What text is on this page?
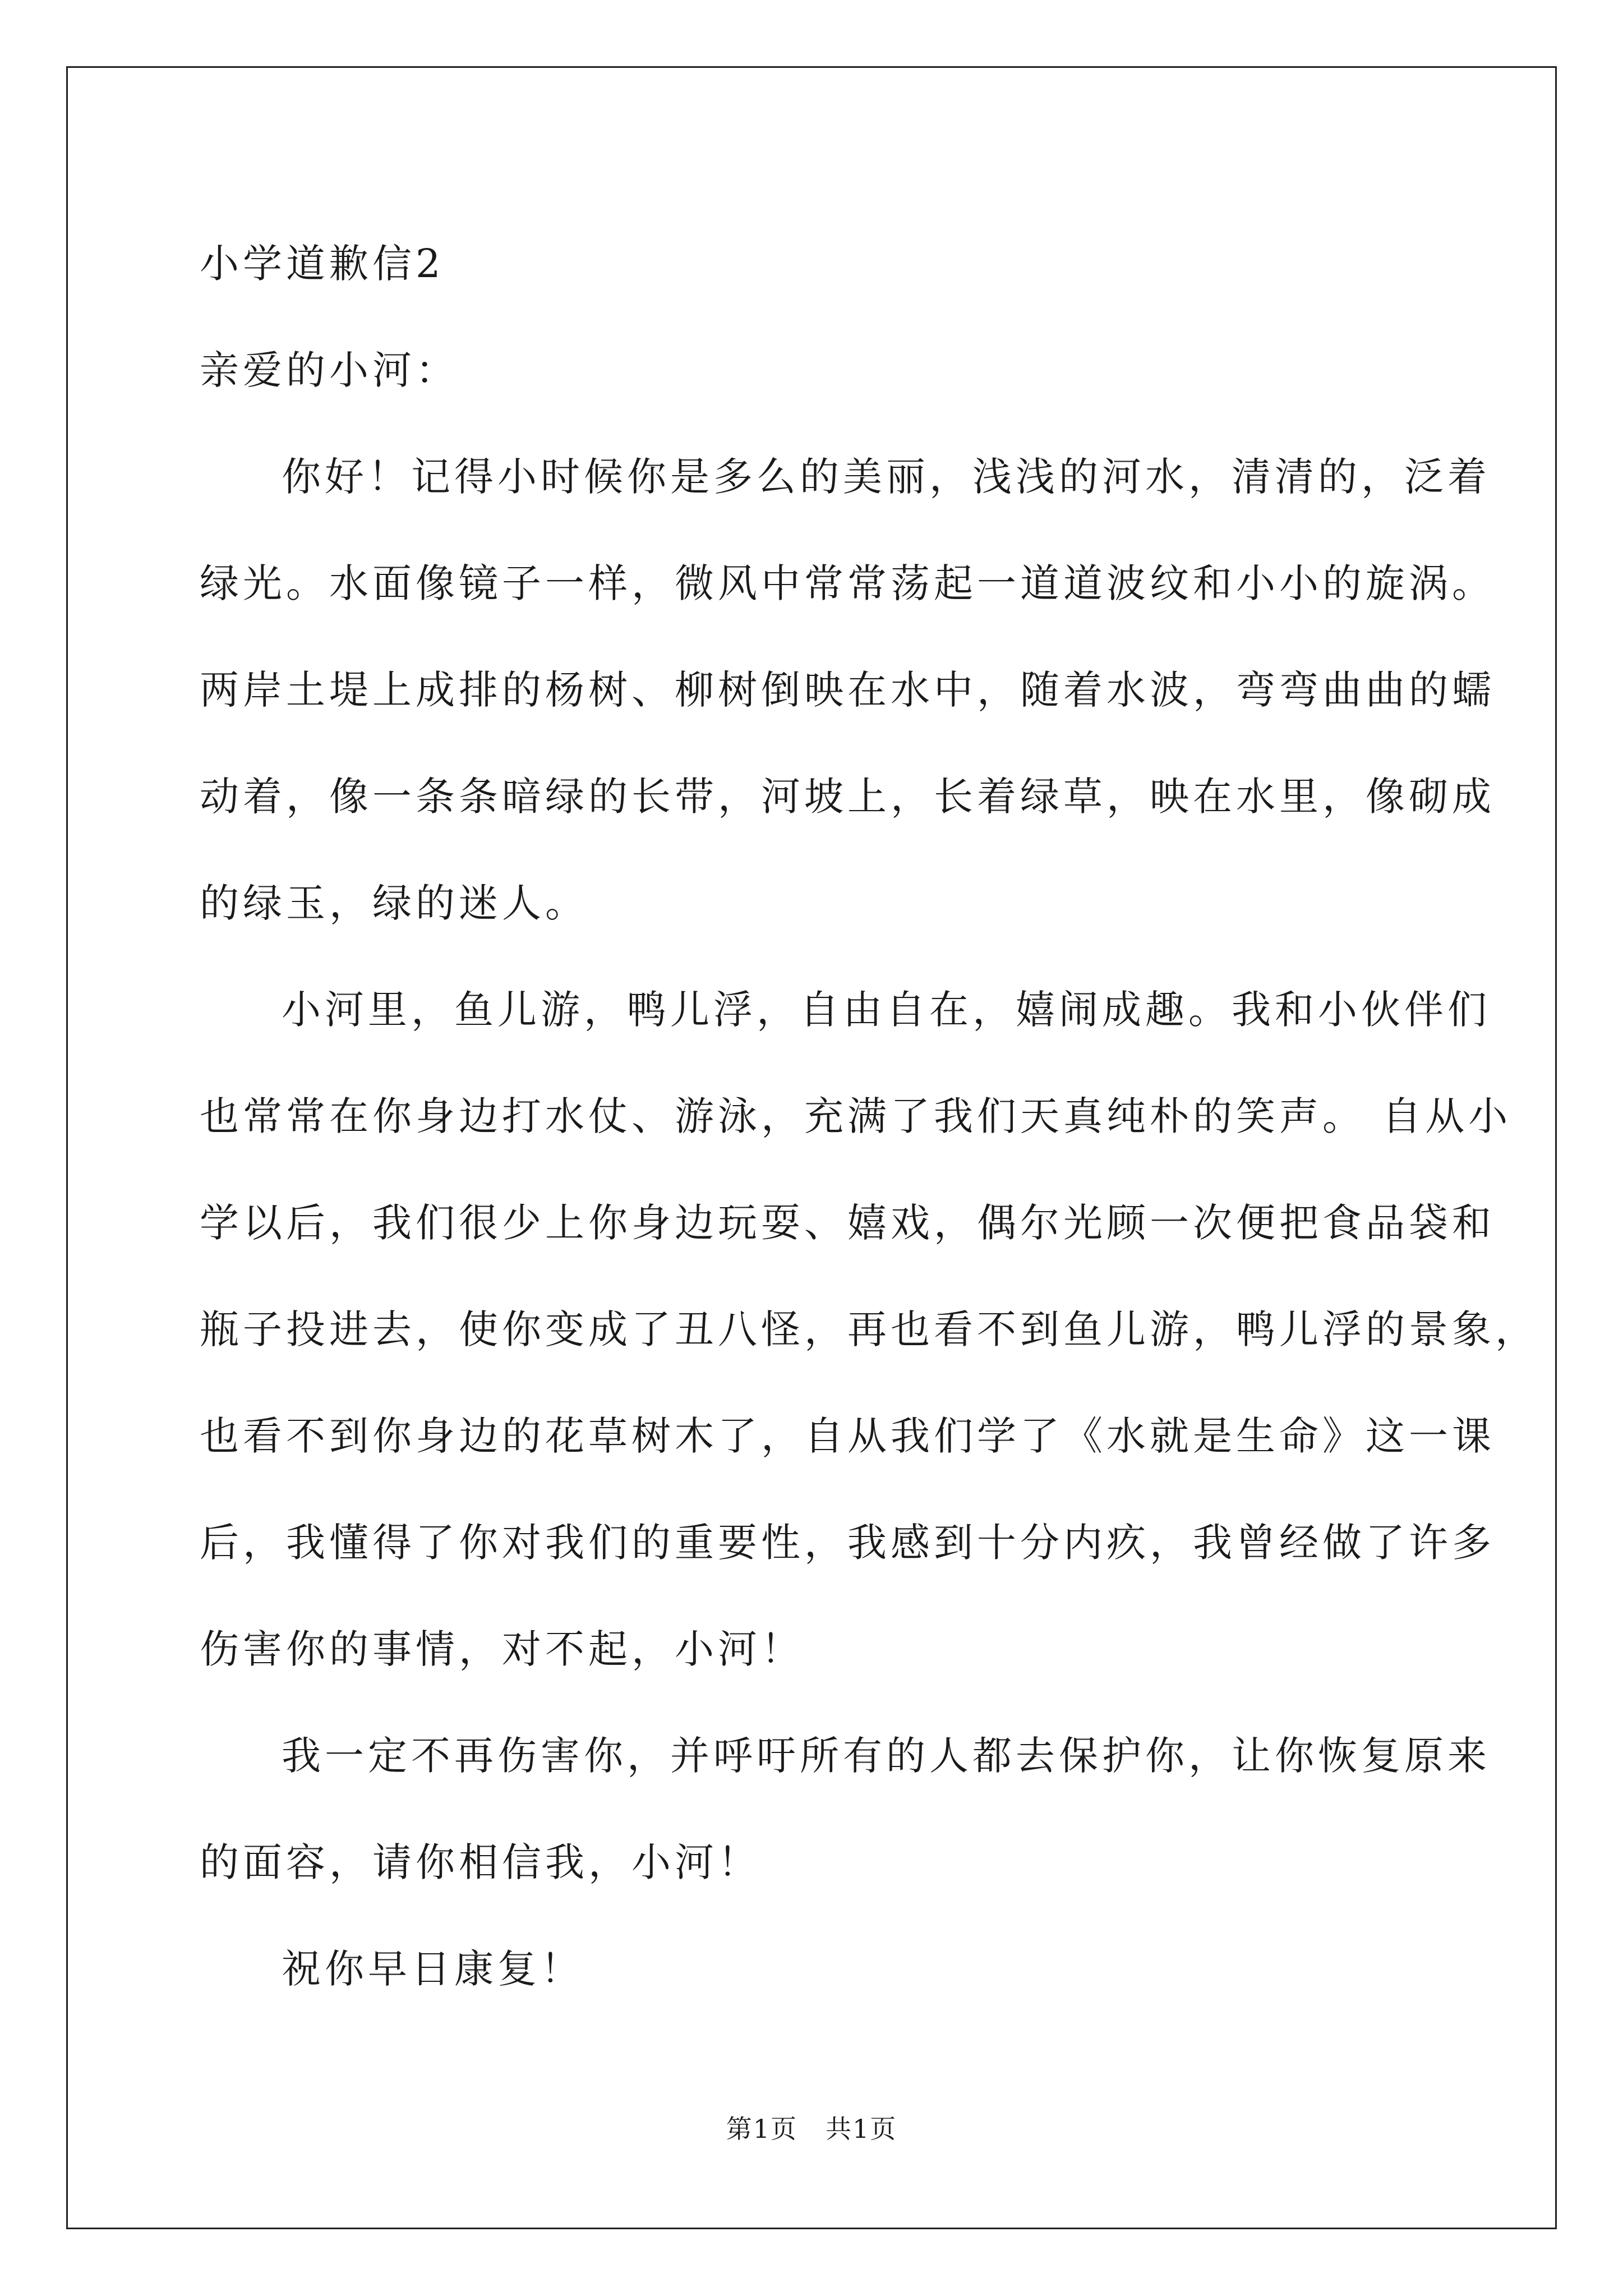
小学道歉信2
亲爱的小河：
你好！记得小时候你是多么的美丽，浅浅的河水，清清的，泛着
绿光。水面像镜子一样，微风中常常荡起一道道波纹和小小的旋涡。
两岸土堤上成排的杨树、柳树倒映在水中，随着水波，弯弯曲曲的蠕
动着，像一条条暗绿的长带，河坡上，长着绿草，映在水里，像砌成
的绿玉，绿的迷人。
小河里，鱼儿游，鸭儿浮，自由自在，嬉闹成趣。我和小伙伴们
也常常在你身边打水仗、游泳，充满了我们天真纯朴的笑声。 自从小
学以后，我们很少上你身边玩耍、嬉戏，偶尔光顾一次便把食品袋和
瓶子投进去，使你变成了丑八怪，再也看不到鱼儿游，鸭儿浮的景象，
也看不到你身边的花草树木了，自从我们学了《水就是生命》这一课
后，我懂得了你对我们的重要性，我感到十分内疚，我曾经做了许多
伤害你的事情，对不起，小河！
我一定不再伤害你，并呼吁所有的人都去保护你，让你恢复原来
的面容，请你相信我，小河！
祝你早日康复！
第1页 共1页
